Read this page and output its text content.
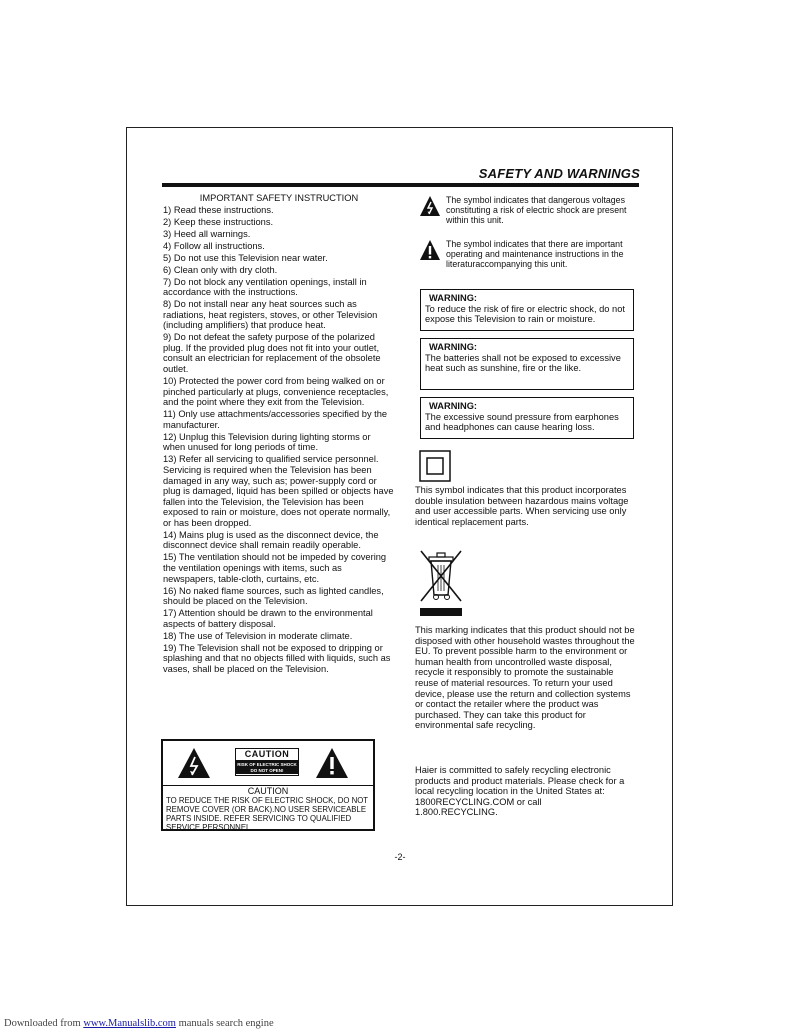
SAFETY AND WARNINGS
IMPORTANT SAFETY INSTRUCTION
1) Read these instructions.
2) Keep these instructions.
3) Heed all warnings.
4) Follow all instructions.
5) Do not use this Television near water.
6) Clean only with dry cloth.
7) Do not block any ventilation openings, install in accordance with the instructions.
8) Do not install near any heat sources such as radiations, heat registers, stoves, or other Television (including amplifiers) that produce heat.
9) Do not defeat the safety purpose of the polarized plug. If the provided plug does not fit into your outlet, consult an electrician for replacement of the obsolete outlet.
10) Protected the power cord from being walked on or pinched particularly at plugs, convenience receptacles, and the point where they exit from the Television.
11) Only use attachments/accessories specified by the manufacturer.
12) Unplug this Television during lighting storms or when unused for long periods of time.
13) Refer all servicing to qualified service personnel. Servicing is required when the Television has been damaged in any way, such as; power-supply cord or plug is damaged, liquid has been spilled or objects have fallen into the Television, the Television has been exposed to rain or moisture, does not operate normally, or has been dropped.
14) Mains plug is used as the disconnect device, the disconnect device shall remain readily operable.
15) The ventilation should not be impeded by covering the ventilation openings with items, such as newspapers, table-cloth, curtains, etc.
16) No naked flame sources, such as lighted candles, should be placed on the Television.
17) Attention should be drawn to the environmental aspects of battery disposal.
18) The use of Television in moderate climate.
19) The Television shall not be exposed to dripping or splashing and that no objects filled with liquids, such as vases, shall be placed on the Television.
The symbol indicates that dangerous voltages constituting a risk of electric shock are present within this unit.
The symbol indicates that there are important operating and maintenance instructions in the literaturaccompanying this unit.
WARNING:
To reduce the risk of fire or electric shock, do not expose this Television to rain or moisture.
WARNING:
The batteries shall not be exposed to excessive heat such as sunshine, fire or the like.
WARNING:
The excessive sound pressure from earphones and headphones can cause hearing loss.
This symbol indicates that this product incorporates double insulation between hazardous mains voltage and user accessible parts. When servicing use only
identical replacement parts.
This marking indicates that this product should not be disposed with other household wastes throughout the EU. To prevent possible harm to the environment or human health from uncontrolled waste disposal, recycle it responsibly to promote the sustainable reuse of material resources. To return your used device, please use the return and collection systems or contact the retailer where the product was purchased. They can take this product for environmental safe recycling.
Haier is committed to safely recycling electronic products and product materials. Please check for a local recycling location in the United States at: 1800RECYCLING.COM or call
1.800.RECYCLING.
CAUTION
RISK OF ELECTRIC SHOCK
DO NOT OPEN!
CAUTION
TO REDUCE THE RISK OF ELECTRIC SHOCK, DO NOT REMOVE COVER (OR BACK).NO USER SERVICEABLE PARTS INSIDE. REFER SERVICING TO QUALIFIED SERVICE PERSONNEL.
-2-
Downloaded from www.Manualslib.com manuals search engine
